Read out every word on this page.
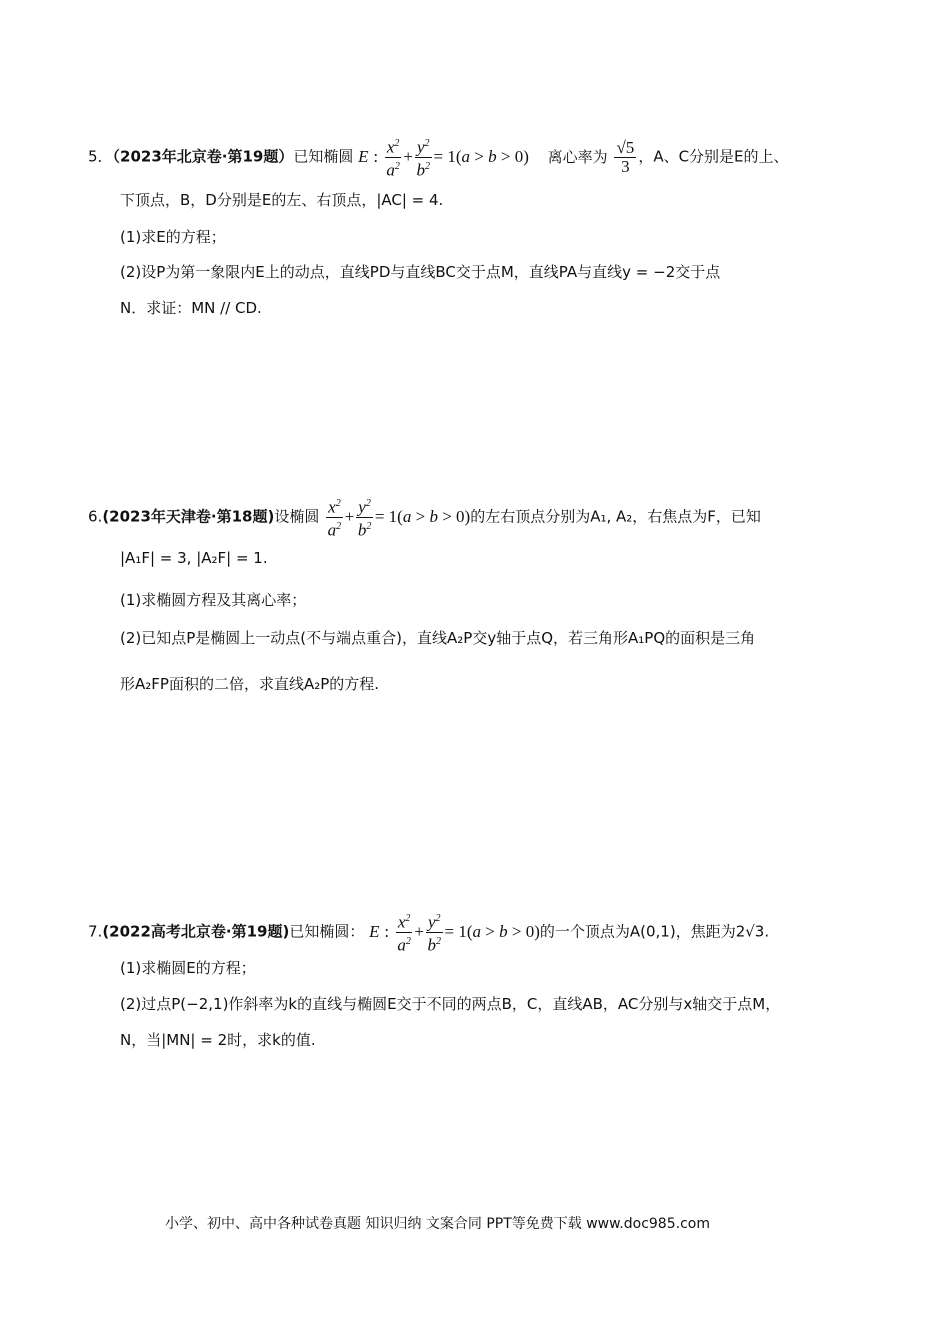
5．（2023年北京卷·第19题）已知椭圆 E : $\frac{x^2}{a^2} + \frac{y^2}{b^2} = 1(a > b > 0)$ 离心率为 $\frac{√5}{3}$ ，A、C分别是E的上、
下顶点，B，D分别是E的左、右顶点，|AC| = 4.
(1)求E的方程；
(2)设P为第一象限内E上的动点，直线PD与直线BC交于点M，直线PA与直线y = −2交于点
N．求证：MN // CD.
6.(2023年天津卷·第18题)设椭圆 $\frac{x^2}{a^2} + \frac{y^2}{b^2} = 1(a > b > 0)$的左右顶点分别为A₁, A₂，右焦点为F，已知
|A₁F| = 3, |A₂F| = 1.
(1)求椭圆方程及其离心率；
(2)已知点P是椭圆上一动点(不与端点重合)，直线A₂P交y轴于点Q，若三角形A₁PQ的面积是三角
形A₂FP面积的二倍，求直线A₂P的方程.
7.(2022高考北京卷·第19题)已知椭圆： E : $\frac{x^2}{a^2} + \frac{y^2}{b^2} = 1(a > b > 0)$的一个顶点为A(0,1)，焦距为2√3.
(1)求椭圆E的方程；
(2)过点P(−2,1)作斜率为k的直线与椭圆E交于不同的两点B，C，直线AB，AC分别与x轴交于点M，
N，当|MN| = 2时，求k的值.
小学、初中、高中各种试卷真题 知识归纳 文案合同 PPT等免费下载 www.doc985.com
